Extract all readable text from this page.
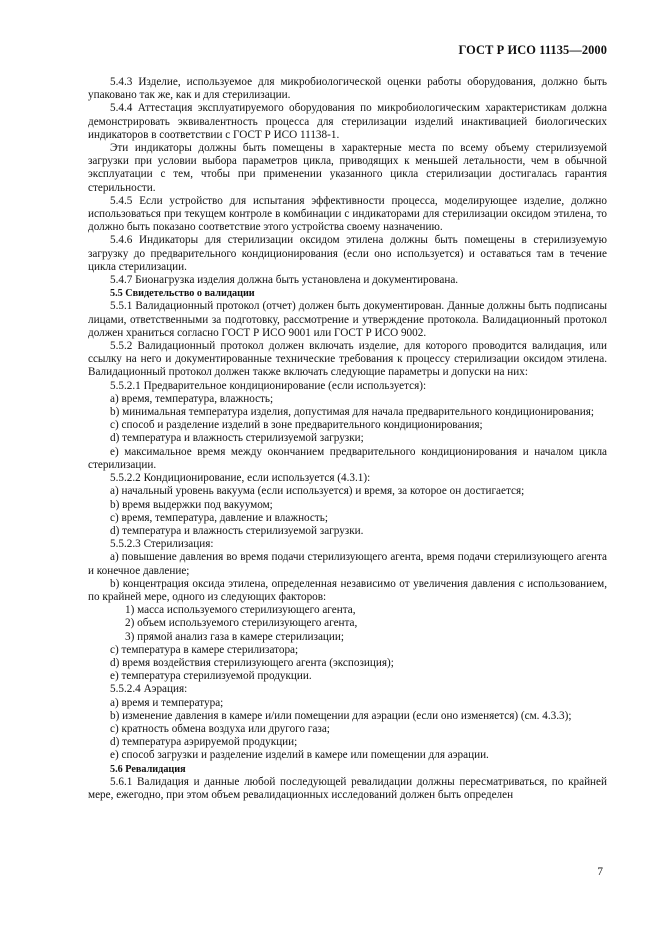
ГОСТ Р ИСО 11135—2000

5.4.3 Изделие, используемое для микробиологической оценки работы оборудования, должно быть упаковано так же, как и для стерилизации.

5.4.4 Аттестация эксплуатируемого оборудования по микробиологическим характеристикам должна демонстрировать эквивалентность процесса для стерилизации изделий инактивацией биологических индикаторов в соответствии с ГОСТ Р ИСО 11138-1.

Эти индикаторы должны быть помещены в характерные места по всему объему стерилизуемой загрузки при условии выбора параметров цикла, приводящих к меньшей летальности, чем в обычной эксплуатации с тем, чтобы при применении указанного цикла стерилизации достигалась гарантия стерильности.

5.4.5 Если устройство для испытания эффективности процесса, моделирующее изделие, должно использоваться при текущем контроле в комбинации с индикаторами для стерилизации оксидом этилена, то должно быть показано соответствие этого устройства своему назначению.

5.4.6 Индикаторы для стерилизации оксидом этилена должны быть помещены в стерилизуемую загрузку до предварительного кондиционирования (если оно используется) и оставаться там в течение цикла стерилизации.

5.4.7 Бионагрузка изделия должна быть установлена и документирована.

5.5 Свидетельство о валидации

5.5.1 Валидационный протокол (отчет) должен быть документирован. Данные должны быть подписаны лицами, ответственными за подготовку, рассмотрение и утверждение протокола. Валидационный протокол должен храниться согласно ГОСТ Р ИСО 9001 или ГОСТ Р ИСО 9002.

5.5.2 Валидационный протокол должен включать изделие, для которого проводится валидация, или ссылку на него и документированные технические требования к процессу стерилизации оксидом этилена. Валидационный протокол должен также включать следующие параметры и допуски на них:

5.5.2.1 Предварительное кондиционирование (если используется):

a) время, температура, влажность;

b) минимальная температура изделия, допустимая для начала предварительного кондиционирования;

c) способ и разделение изделий в зоне предварительного кондиционирования;

d) температура и влажность стерилизуемой загрузки;

e) максимальное время между окончанием предварительного кондиционирования и началом цикла стерилизации.

5.5.2.2 Кондиционирование, если используется (4.3.1):

a) начальный уровень вакуума (если используется) и время, за которое он достигается;

b) время выдержки под вакуумом;

c) время, температура, давление и влажность;

d) температура и влажность стерилизуемой загрузки.

5.5.2.3 Стерилизация:

a) повышение давления во время подачи стерилизующего агента, время подачи стерилизующего агента и конечное давление;

b) концентрация оксида этилена, определенная независимо от увеличения давления с использованием, по крайней мере, одного из следующих факторов:

1) масса используемого стерилизующего агента,

2) объем используемого стерилизующего агента,

3) прямой анализ газа в камере стерилизации;

c) температура в камере стерилизатора;

d) время воздействия стерилизующего агента (экспозиция);

e) температура стерилизуемой продукции.

5.5.2.4 Аэрация:

a) время и температура;

b) изменение давления в камере и/или помещении для аэрации (если оно изменяется) (см. 4.3.3);

c) кратность обмена воздуха или другого газа;

d) температура аэрируемой продукции;

e) способ загрузки и разделение изделий в камере или помещении для аэрации.

5.6 Ревалидация

5.6.1 Валидация и данные любой последующей ревалидации должны пересматриваться, по крайней мере, ежегодно, при этом объем ревалидационных исследований должен быть определен

7
